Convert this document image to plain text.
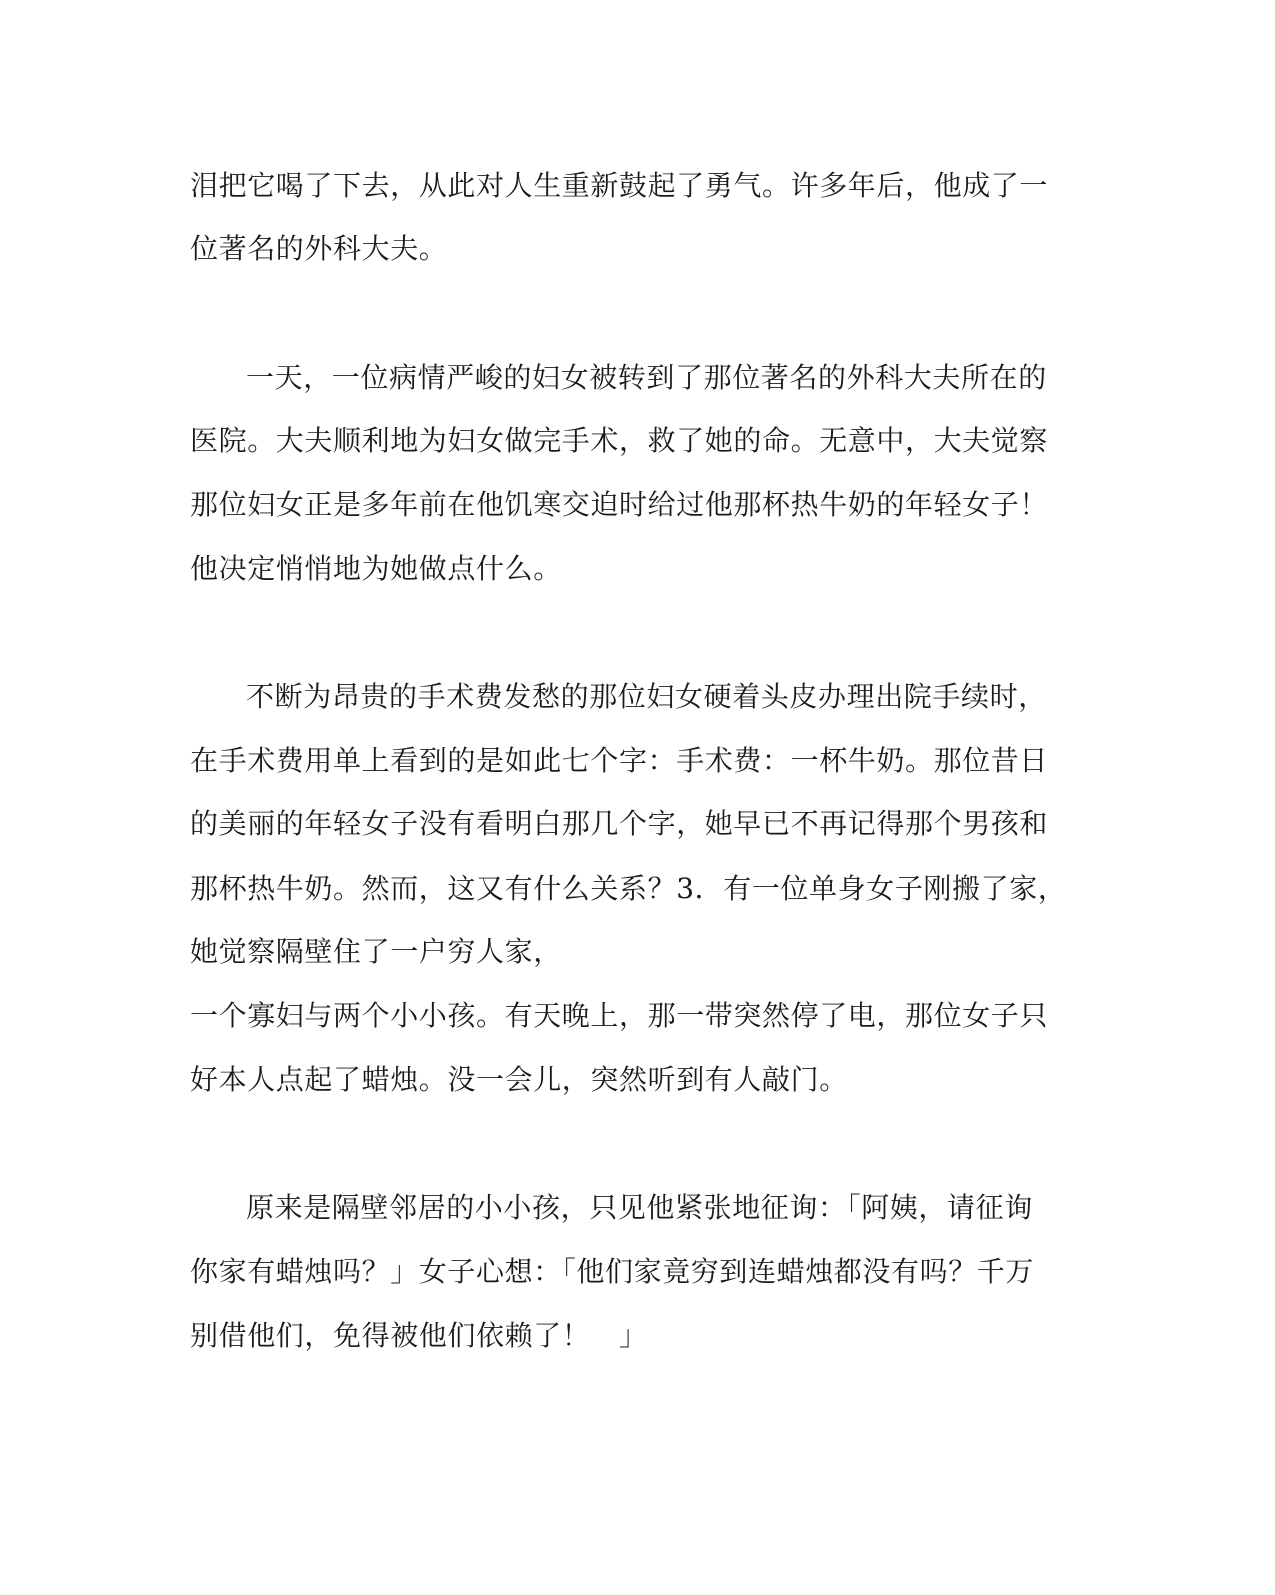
泪把它喝了下去，从此对人生重新鼓起了勇气。许多年后，他成了一
位著名的外科大夫。
一天，一位病情严峻的妇女被转到了那位著名的外科大夫所在的
医院。大夫顺利地为妇女做完手术，救了她的命。无意中，大夫觉察
那位妇女正是多年前在他饥寒交迫时给过他那杯热牛奶的年轻女子！
他决定悄悄地为她做点什么。
不断为昂贵的手术费发愁的那位妇女硬着头皮办理出院手续时，
在手术费用单上看到的是如此七个字：手术费：一杯牛奶。那位昔日
的美丽的年轻女子没有看明白那几个字，她早已不再记得那个男孩和
那杯热牛奶。然而，这又有什么关系？3．有一位单身女子刚搬了家，
她觉察隔壁住了一户穷人家，
一个寡妇与两个小小孩。有天晚上，那一带突然停了电，那位女子只
好本人点起了蜡烛。没一会儿，突然听到有人敲门。
原来是隔壁邻居的小小孩，只见他紧张地征询：「阿姨，请征询
你家有蜡烛吗？」女子心想：「他们家竟穷到连蜡烛都没有吗？千万
别借他们，免得被他们依赖了！　」
